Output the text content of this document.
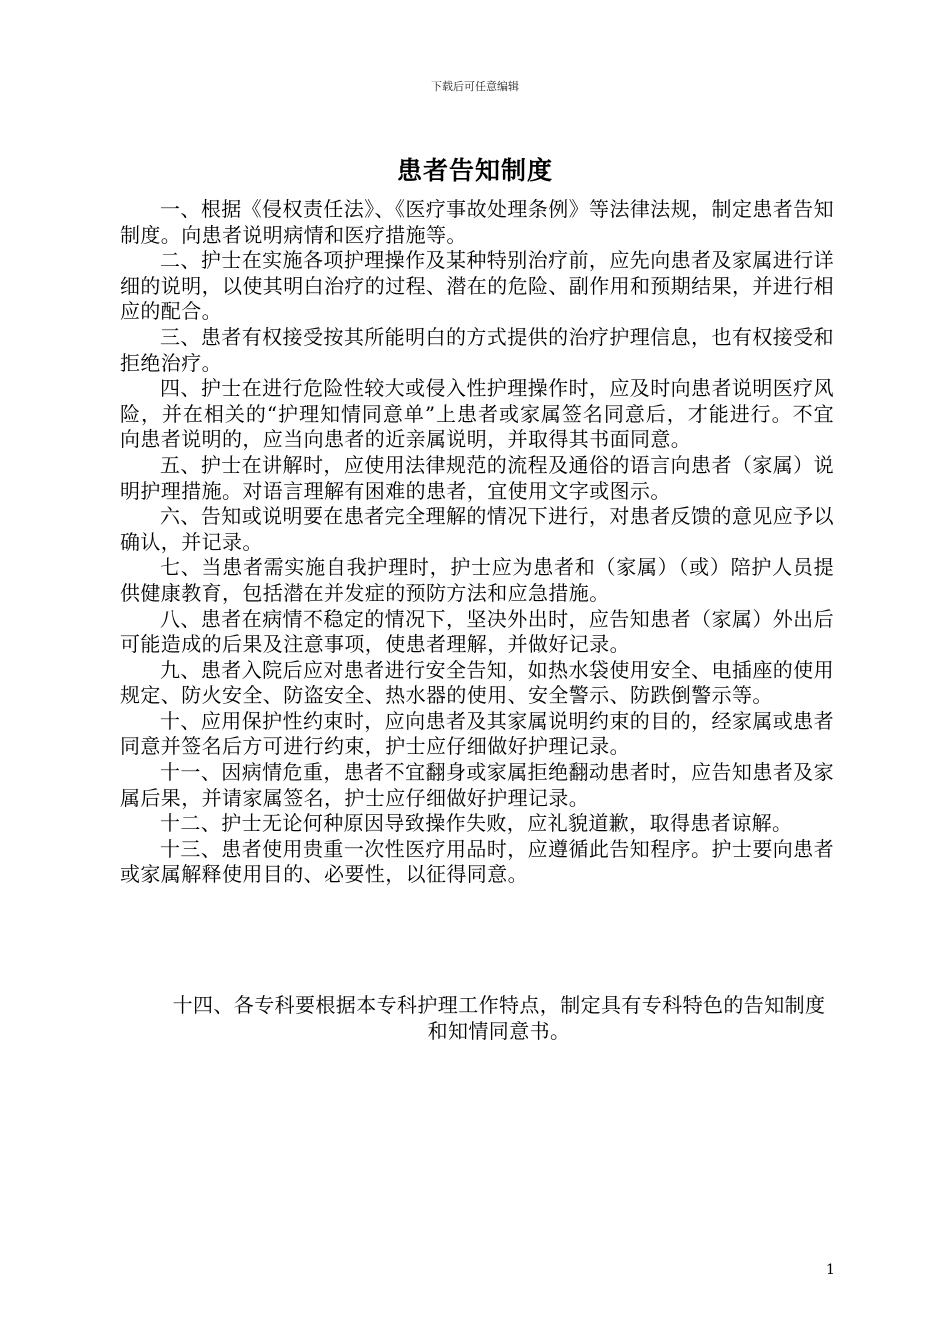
下载后可任意编辑
患者告知制度

一、根据《侵权责任法》、《医疗事故处理条例》等法律法规，制定患者告知制度。向患者说明病情和医疗措施等。

二、护士在实施各项护理操作及某种特别治疗前，应先向患者及家属进行详细的说明，以使其明白治疗的过程、潜在的危险、副作用和预期结果，并进行相应的配合。

三、患者有权接受按其所能明白的方式提供的治疗护理信息，也有权接受和拒绝治疗。

四、护士在进行危险性较大或侵入性护理操作时，应及时向患者说明医疗风险，并在相关的“护理知情同意单”上患者或家属签名同意后，才能进行。不宜向患者说明的，应当向患者的近亲属说明，并取得其书面同意。

五、护士在讲解时，应使用法律规范的流程及通俗的语言向患者（家属）说明护理措施。对语言理解有困难的患者，宜使用文字或图示。

六、告知或说明要在患者完全理解的情况下进行，对患者反馈的意见应予以确认，并记录。

七、当患者需实施自我护理时，护士应为患者和（家属）（或）陪护人员提供健康教育，包括潜在并发症的预防方法和应急措施。

八、患者在病情不稳定的情况下，坚决外出时，应告知患者（家属）外出后可能造成的后果及注意事项，使患者理解，并做好记录。

九、患者入院后应对患者进行安全告知，如热水袋使用安全、电插座的使用规定、防火安全、防盗安全、热水器的使用、安全警示、防跌倒警示等。

十、应用保护性约束时，应向患者及其家属说明约束的目的，经家属或患者同意并签名后方可进行约束，护士应仔细做好护理记录。

十一、因病情危重，患者不宜翻身或家属拒绝翻动患者时，应告知患者及家属后果，并请家属签名，护士应仔细做好护理记录。

十二、护士无论何种原因导致操作失败，应礼貌道歉，取得患者谅解。

十三、患者使用贵重一次性医疗用品时，应遵循此告知程序。护士要向患者或家属解释使用目的、必要性，以征得同意。

十四、各专科要根据本专科护理工作特点，制定具有专科特色的告知制度和知情同意书。

1
